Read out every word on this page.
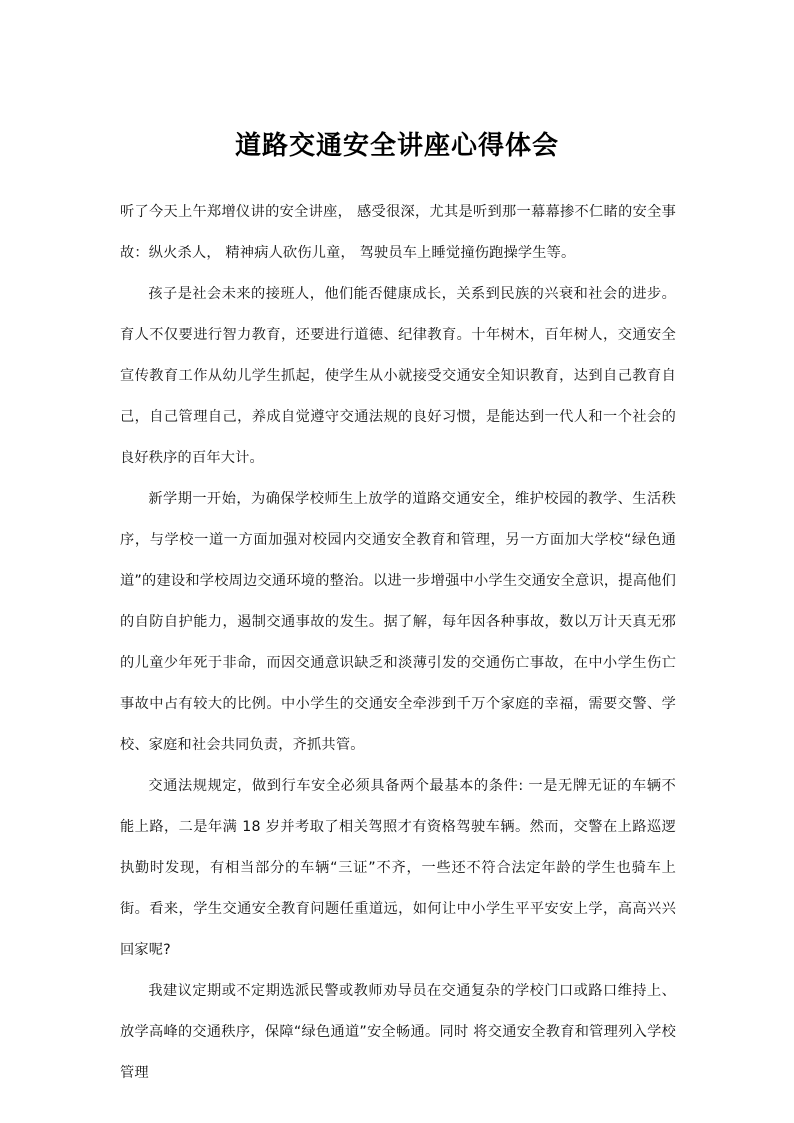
道路交通安全讲座心得体会

听了今天上午郑增仪讲的安全讲座， 感受很深，尤其是听到那一幕幕掺不仁睹的安全事故：纵火杀人， 精神病人砍伤儿童， 驾驶员车上睡觉撞伤跑操学生等。

孩子是社会未来的接班人，他们能否健康成长，关系到民族的兴衰和社会的进步。育人不仅要进行智力教育，还要进行道德、纪律教育。十年树木，百年树人，交通安全宣传教育工作从幼儿学生抓起，使学生从小就接受交通安全知识教育，达到自己教育自己，自己管理自己，养成自觉遵守交通法规的良好习惯，是能达到一代人和一个社会的良好秩序的百年大计。

新学期一开始，为确保学校师生上放学的道路交通安全，维护校园的教学、生活秩序，与学校一道一方面加强对校园内交通安全教育和管理，另一方面加大学校“绿色通道”的建设和学校周边交通环境的整治。以进一步增强中小学生交通安全意识，提高他们的自防自护能力，遏制交通事故的发生。据了解，每年因各种事故，数以万计天真无邪的儿童少年死于非命，而因交通意识缺乏和淡薄引发的交通伤亡事故，在中小学生伤亡事故中占有较大的比例。中小学生的交通安全牵涉到千万个家庭的幸福，需要交警、学校、家庭和社会共同负责，齐抓共管。

交通法规规定，做到行车安全必须具备两个最基本的条件: 一是无牌无证的车辆不能上路，二是年满 18 岁并考取了相关驾照才有资格驾驶车辆。然而，交警在上路巡逻执勤时发现，有相当部分的车辆“三证”不齐，一些还不符合法定年龄的学生也骑车上街。看来，学生交通安全教育问题任重道远，如何让中小学生平平安安上学，高高兴兴回家呢?

我建议定期或不定期选派民警或教师劝导员在交通复杂的学校门口或路口维持上、放学高峰的交通秩序，保障“绿色通道”安全畅通。同时 将交通安全教育和管理列入学校管理
